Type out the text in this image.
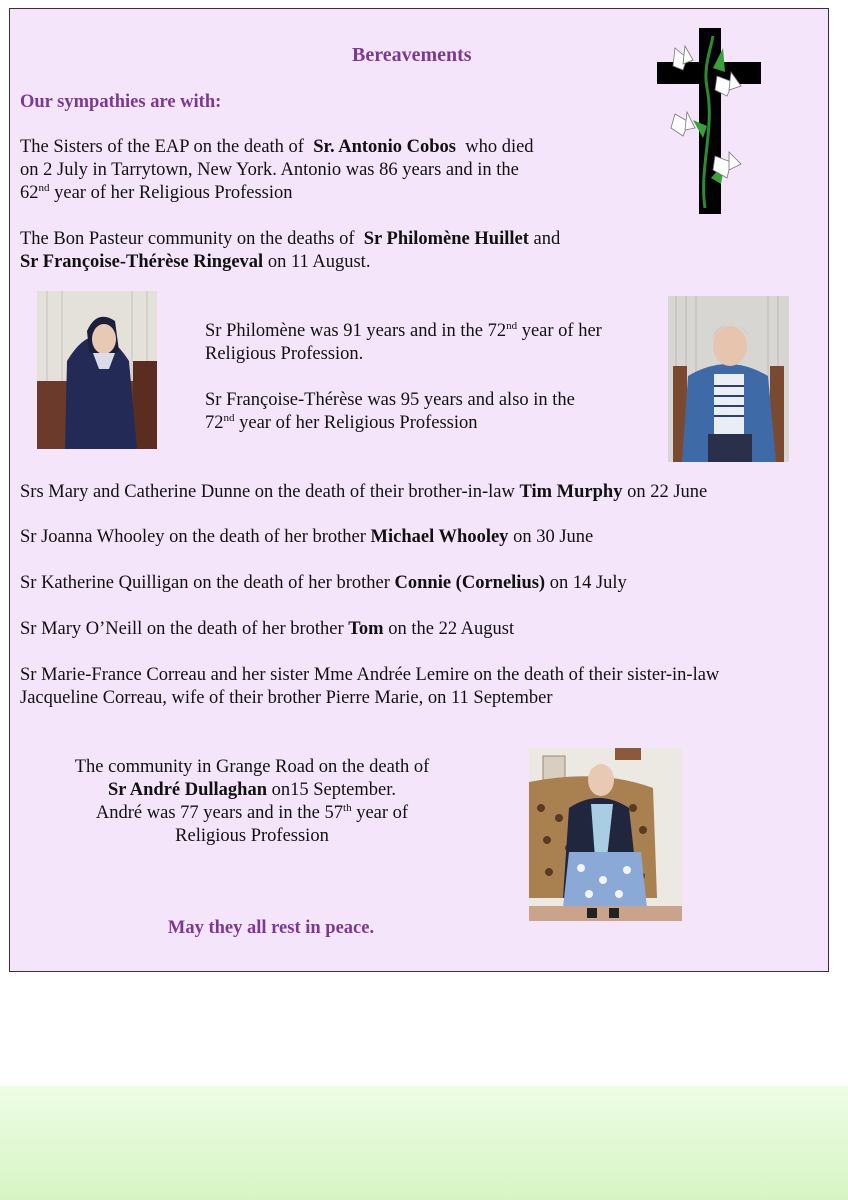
Bereavements
Our sympathies are with:
The Sisters of the EAP on the death of Sr. Antonio Cobos who died
on 2 July in Tarrytown, New York. Antonio was 86 years and in the
62nd year of her Religious Profession
The Bon Pasteur community on the deaths of Sr Philomène Huillet and
Sr Françoise-Thérèse Ringeval on 11 August.
Sr Philomène was 91 years and in the 72nd year of her
Religious Profession.
Sr Françoise-Thérèse was 95 years and also in the
72nd year of her Religious Profession
Srs Mary and Catherine Dunne on the death of their brother-in-law Tim Murphy on 22 June
Sr Joanna Whooley on the death of her brother Michael Whooley on 30 June
Sr Katherine Quilligan on the death of her brother Connie (Cornelius) on 14 July
Sr Mary O’Neill on the death of her brother Tom on the 22 August
Sr Marie-France Correau and her sister Mme Andrée Lemire on the death of their sister-in-law
Jacqueline Correau, wife of their brother Pierre Marie, on 11 September
The community in Grange Road on the death of
Sr André Dullaghan on15 September.
André was 77 years and in the 57th year of
Religious Profession
May they all rest in peace.
